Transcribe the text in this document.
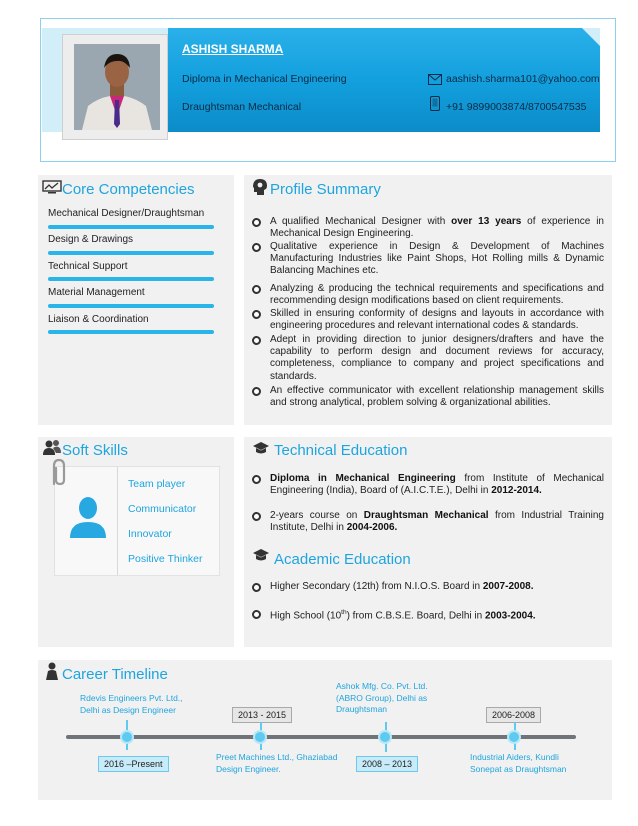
ASHISH SHARMA
Diploma in Mechanical Engineering
Draughtsman Mechanical
aashish.sharma101@yahoo.com
+91 9899003874/8700547535
Core Competencies
Mechanical Designer/Draughtsman
Design & Drawings
Technical Support
Material Management
Liaison & Coordination
Profile Summary
A qualified Mechanical Designer with over 13 years of experience in Mechanical Design Engineering.
Qualitative experience in Design & Development of Machines Manufacturing Industries like Paint Shops, Hot Rolling mills & Dynamic Balancing Machines etc.
Analyzing & producing the technical requirements and specifications and recommending design modifications based on client requirements.
Skilled in ensuring conformity of designs and layouts in accordance with engineering procedures and relevant international codes & standards.
Adept in providing direction to junior designers/drafters and have the capability to perform design and document reviews for accuracy, completeness, compliance to company and project specifications and standards.
An effective communicator with excellent relationship management skills and strong analytical, problem solving & organizational abilities.
Soft Skills
Team player
Communicator
Innovator
Positive Thinker
Technical Education
Diploma in Mechanical Engineering from Institute of Mechanical Engineering (India), Board of (A.I.C.T.E.), Delhi in 2012-2014.
2-years course on Draughtsman Mechanical from Industrial Training Institute, Delhi in 2004-2006.
Academic Education
Higher Secondary (12th) from N.I.O.S. Board in 2007-2008.
High School (10th) from C.B.S.E. Board, Delhi in 2003-2004.
Career Timeline
Rdevis Engineers Pvt. Ltd.,
Delhi as Design Engineer
2016 –Present
2013 - 2015
Preet Machines Ltd., Ghaziabad
Design Engineer.
Ashok Mfg. Co. Pvt. Ltd.
(ABRO Group), Delhi as
Draughtsman
2008 – 2013
2006-2008
Industrial Aiders, Kundli
Sonepat as Draughtsman
